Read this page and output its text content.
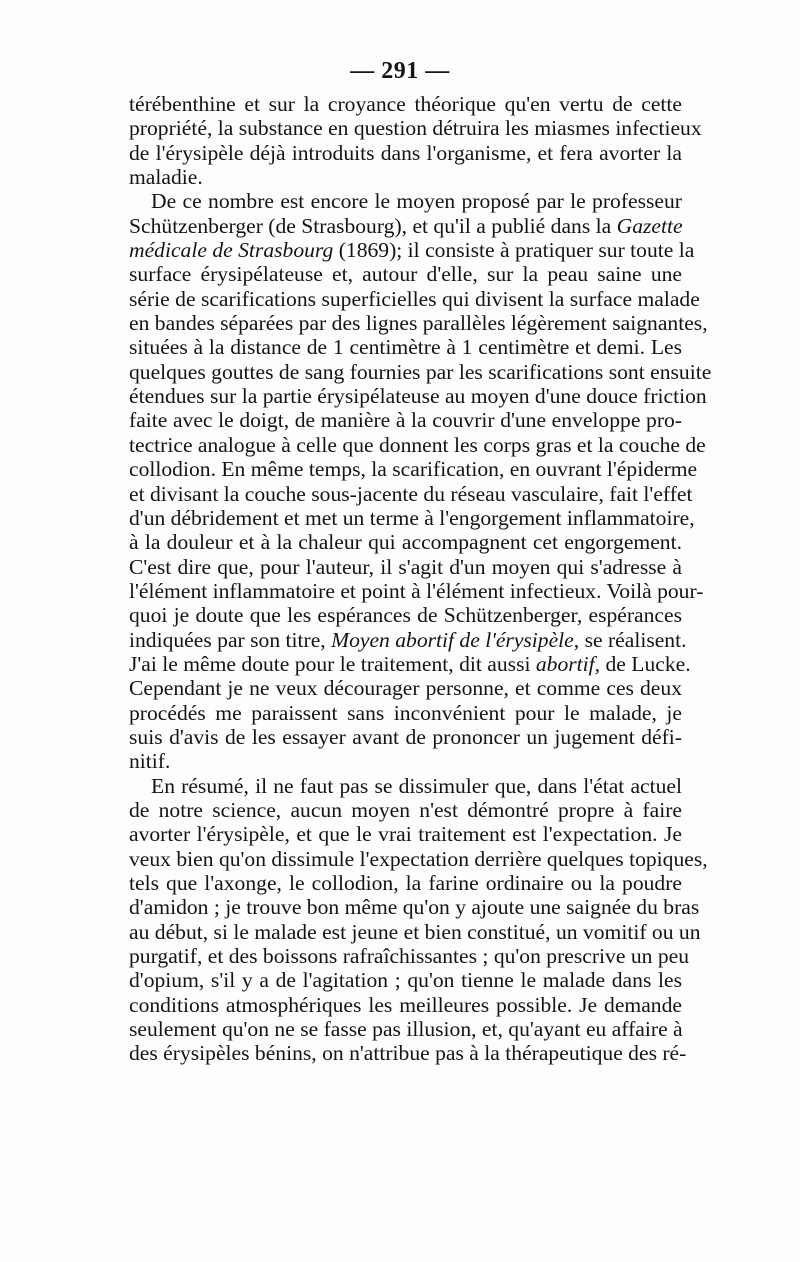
— 291 —
térébenthine et sur la croyance théorique qu'en vertu de cette
propriété, la substance en question détruira les miasmes infectieux
de l'érysipèle déjà introduits dans l'organisme, et fera avorter la
maladie.
De ce nombre est encore le moyen proposé par le professeur
Schützenberger (de Strasbourg), et qu'il a publié dans la Gazette
médicale de Strasbourg (1869); il consiste à pratiquer sur toute la
surface érysipélateuse et, autour d'elle, sur la peau saine une
série de scarifications superficielles qui divisent la surface malade
en bandes séparées par des lignes parallèles légèrement saignantes,
situées à la distance de 1 centimètre à 1 centimètre et demi. Les
quelques gouttes de sang fournies par les scarifications sont ensuite
étendues sur la partie érysipélateuse au moyen d'une douce friction
faite avec le doigt, de manière à la couvrir d'une enveloppe pro-
tectrice analogue à celle que donnent les corps gras et la couche de
collodion. En même temps, la scarification, en ouvrant l'épiderme
et divisant la couche sous-jacente du réseau vasculaire, fait l'effet
d'un débridement et met un terme à l'engorgement inflammatoire,
à la douleur et à la chaleur qui accompagnent cet engorgement.
C'est dire que, pour l'auteur, il s'agit d'un moyen qui s'adresse à
l'élément inflammatoire et point à l'élément infectieux. Voilà pour-
quoi je doute que les espérances de Schützenberger, espérances
indiquées par son titre, Moyen abortif de l'érysipèle, se réalisent.
J'ai le même doute pour le traitement, dit aussi abortif, de Lucke.
Cependant je ne veux décourager personne, et comme ces deux
procédés me paraissent sans inconvénient pour le malade, je
suis d'avis de les essayer avant de prononcer un jugement défi-
nitif.
En résumé, il ne faut pas se dissimuler que, dans l'état actuel
de notre science, aucun moyen n'est démontré propre à faire
avorter l'érysipèle, et que le vrai traitement est l'expectation. Je
veux bien qu'on dissimule l'expectation derrière quelques topiques,
tels que l'axonge, le collodion, la farine ordinaire ou la poudre
d'amidon ; je trouve bon même qu'on y ajoute une saignée du bras
au début, si le malade est jeune et bien constitué, un vomitif ou un
purgatif, et des boissons rafraîchissantes ; qu'on prescrive un peu
d'opium, s'il y a de l'agitation ; qu'on tienne le malade dans les
conditions atmosphériques les meilleures possible. Je demande
seulement qu'on ne se fasse pas illusion, et, qu'ayant eu affaire à
des érysipèles bénins, on n'attribue pas à la thérapeutique des ré-
